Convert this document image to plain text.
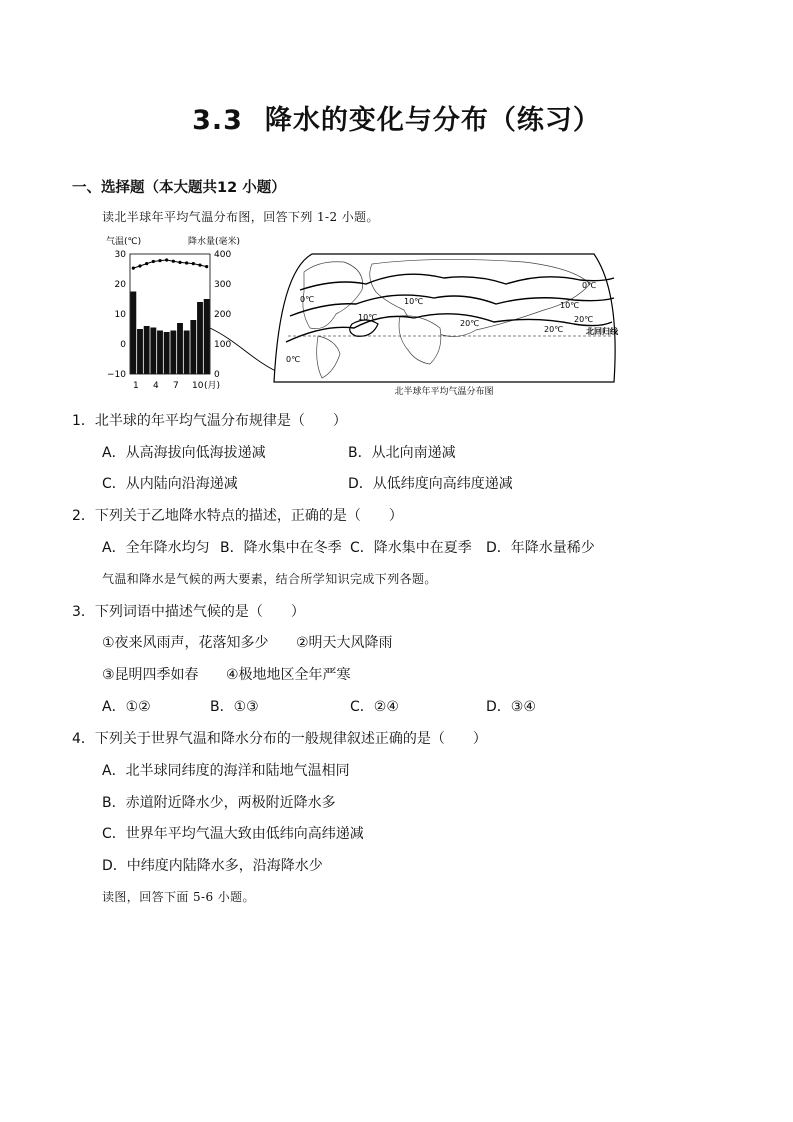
3.3 降水的变化与分布（练习）
一、选择题（本大题共12 小题）
读北半球年平均气温分布图，回答下列 1-2 小题。
气温(℃)	降水量(毫米)
30
20
10
0
−10
400
300
200
100
0
1 4 7 10 (月)
0℃	10℃
20℃
20℃
10℃
0℃
20℃
北回归线
0℃
10℃
北半球年平均气温分布图
1．北半球的年平均气温分布规律是（　　）
A．从高海拔向低海拔递减	B．从北向南递减
C．从内陆向沿海递减	D．从低纬度向高纬度递减
2．下列关于乙地降水特点的描述，正确的是（　　）
A．全年降水均匀 B．降水集中在冬季 C．降水集中在夏季 D．年降水量稀少
气温和降水是气候的两大要素，结合所学知识完成下列各题。
3．下列词语中描述气候的是（　　）
①夜来风雨声，花落知多少 ②明天大风降雨
③昆明四季如春 ④极地地区全年严寒
A．①②	B．①③	C．②④	D．③④
4．下列关于世界气温和降水分布的一般规律叙述正确的是（　　）
A．北半球同纬度的海洋和陆地气温相同
B．赤道附近降水少，两极附近降水多
C．世界年平均气温大致由低纬向高纬递减
D．中纬度内陆降水多，沿海降水少
读图，回答下面 5-6 小题。
